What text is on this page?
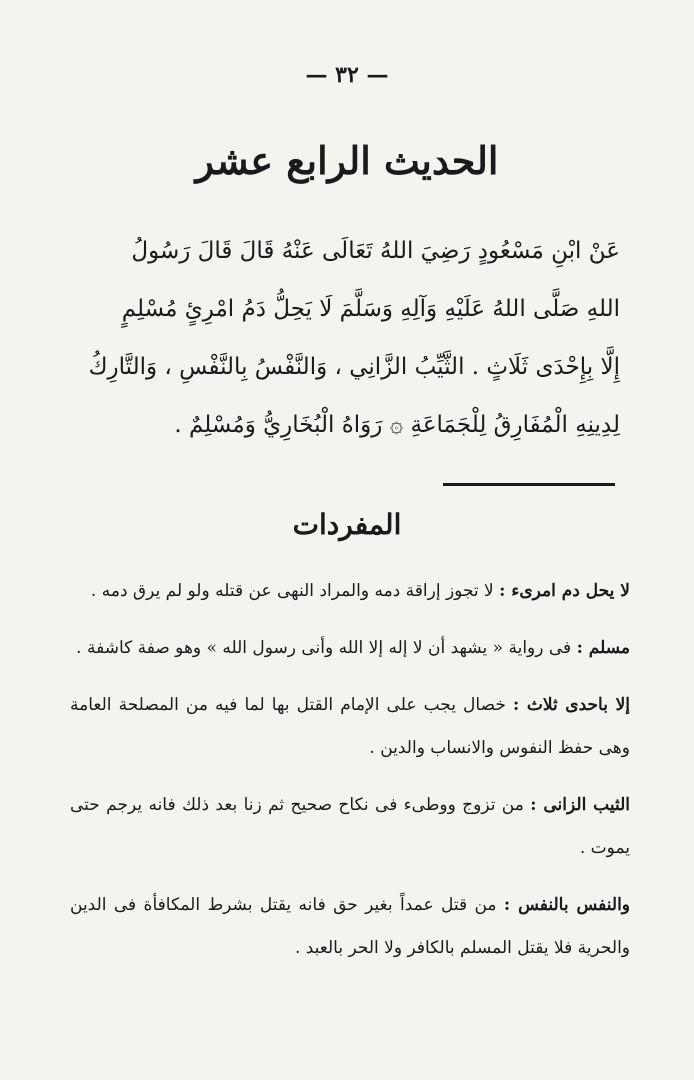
— ٣٢ —
الحديث الرابع عشر
عَنْ ابْنِ مَسْعُودٍ رَضِيَ اللهُ تَعَالَى عَنْهُ قَالَ قَالَ رَسُولُ
اللهِ صَلَّى اللهُ عَلَيْهِ وَآلِهِ وَسَلَّمَ لَا يَحِلُّ دَمُ امْرِئٍ مُسْلِمٍ
إِلَّا بِإِحْدَى ثَلَاثٍ . الثَّيِّبُ الزَّانِي ، وَالنَّفْسُ بِالنَّفْسِ ، وَالتَّارِكُ
لِدِينِهِ الْمُفَارِقُ لِلْجَمَاعَةِ ۞ رَوَاهُ الْبُخَارِيُّ وَمُسْلِمٌ .
المفردات

لا يحل دم امرىء : لا تجوز إراقة دمه والمراد النهى عن قتله ولو لم يرق دمه .

مسلم : فى رواية « يشهد أن لا إله إلا الله وأنى رسول الله » وهو صفة كاشفة .

إلا باحدى ثلاث : خصال يجب على الإمام القتل بها لما فيه من المصلحة العامة وهى حفظ النفوس والانساب والدين .

الثيب الزانى : من تزوج ووطىء فى نكاح صحيح ثم زنا بعد ذلك فانه يرجم حتى يموت .

والنفس بالنفس : من قتل عمداً بغير حق فانه يقتل بشرط المكافأة فى الدين والحرية فلا يقتل المسلم بالكافر ولا الحر بالعبد .
